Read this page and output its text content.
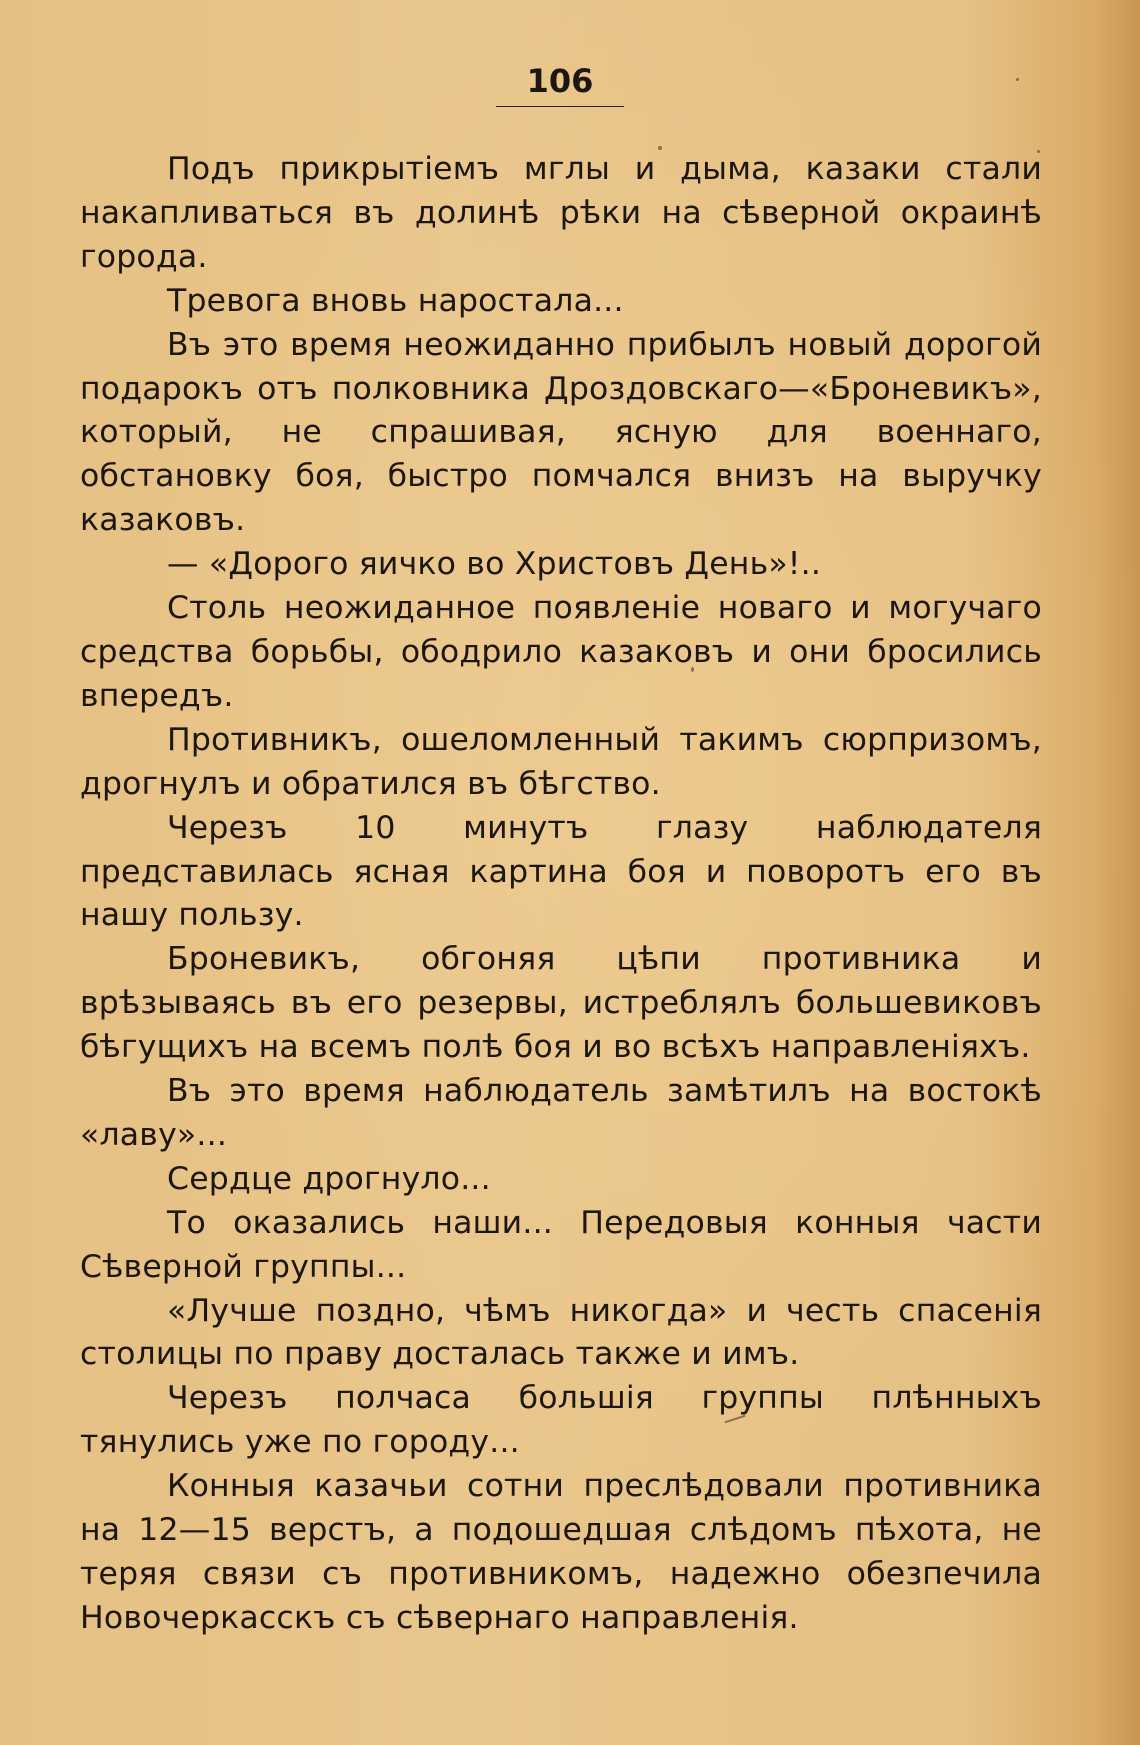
106

Подъ прикрытіемъ мглы и дыма, казаки стали накапливаться въ долинѣ рѣки на сѣверной окраинѣ города.

Тревога вновь наростала...

Въ это время неожиданно прибылъ новый дорогой подарокъ отъ полковника Дроздовскаго—«Броневикъ», который, не спрашивая, ясную для военнаго, обстановку боя, быстро помчался внизъ на выручку казаковъ.

— «Дорого яичко во Христовъ День»!..

Столь неожиданное появленіе новаго и могучаго средства борьбы, ободрило казаковъ и они бросились впередъ.

Противникъ, ошеломленный такимъ сюрпризомъ, дрогнулъ и обратился въ бѣгство.

Черезъ 10 минутъ глазу наблюдателя представилась ясная картина боя и поворотъ его въ нашу пользу.

Броневикъ, обгоняя цѣпи противника и врѣзываясь въ его резервы, истреблялъ большевиковъ бѣгущихъ на всемъ полѣ боя и во всѣхъ направленіяхъ.

Въ это время наблюдатель замѣтилъ на востокѣ «лаву»...

Сердце дрогнуло...

То оказались наши... Передовыя конныя части Сѣверной группы...

«Лучше поздно, чѣмъ никогда» и честь спасенія столицы по праву досталась также и имъ.

Черезъ полчаса большія группы плѣнныхъ тянулись уже по городу...

Конныя казачьи сотни преслѣдовали противника на 12—15 верстъ, а подошедшая слѣдомъ пѣхота, не теряя связи съ противникомъ, надежно обезпечила Новочеркасскъ съ сѣвернаго направленія.
